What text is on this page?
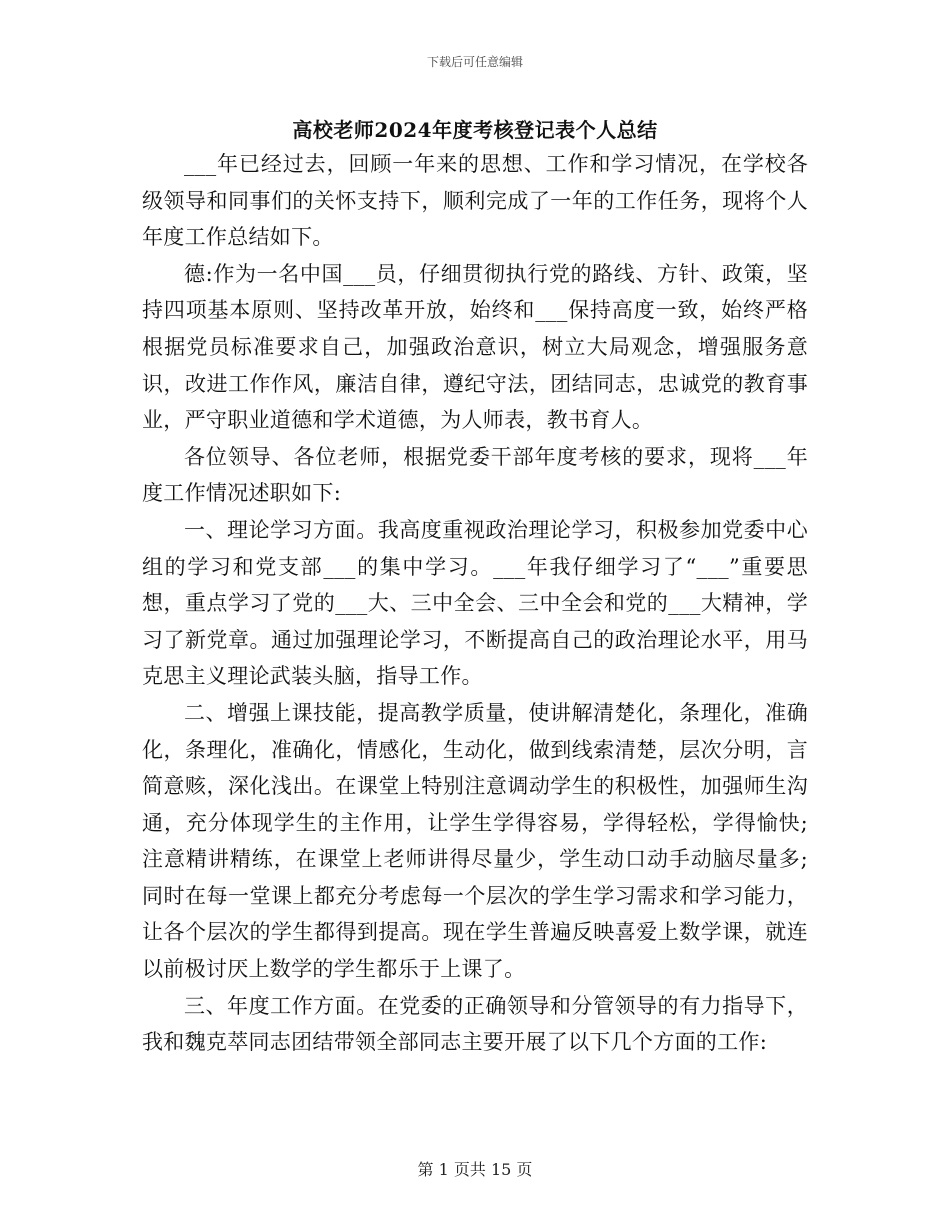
下载后可任意编辑
高校老师2024年度考核登记表个人总结

___年已经过去，回顾一年来的思想、工作和学习情况，在学校各级领导和同事们的关怀支持下，顺利完成了一年的工作任务，现将个人年度工作总结如下。

德:作为一名中国___员，仔细贯彻执行党的路线、方针、政策，坚持四项基本原则、坚持改革开放，始终和___保持高度一致，始终严格根据党员标准要求自己，加强政治意识，树立大局观念，增强服务意识，改进工作作风，廉洁自律，遵纪守法，团结同志，忠诚党的教育事业，严守职业道德和学术道德，为人师表，教书育人。

各位领导、各位老师，根据党委干部年度考核的要求，现将___年度工作情况述职如下:

一、理论学习方面。我高度重视政治理论学习，积极参加党委中心组的学习和党支部___的集中学习。___年我仔细学习了“___”重要思想，重点学习了党的___大、三中全会、三中全会和党的___大精神，学习了新党章。通过加强理论学习，不断提高自己的政治理论水平，用马克思主义理论武装头脑，指导工作。

二、增强上课技能，提高教学质量，使讲解清楚化，条理化，准确化，条理化，准确化，情感化，生动化，做到线索清楚，层次分明，言简意赅，深化浅出。在课堂上特别注意调动学生的积极性，加强师生沟通，充分体现学生的主作用，让学生学得容易，学得轻松，学得愉快;注意精讲精练，在课堂上老师讲得尽量少，学生动口动手动脑尽量多;同时在每一堂课上都充分考虑每一个层次的学生学习需求和学习能力，让各个层次的学生都得到提高。现在学生普遍反映喜爱上数学课，就连以前极讨厌上数学的学生都乐于上课了。

三、年度工作方面。在党委的正确领导和分管领导的有力指导下，我和魏克萃同志团结带领全部同志主要开展了以下几个方面的工作:

第 1 页共 15 页
